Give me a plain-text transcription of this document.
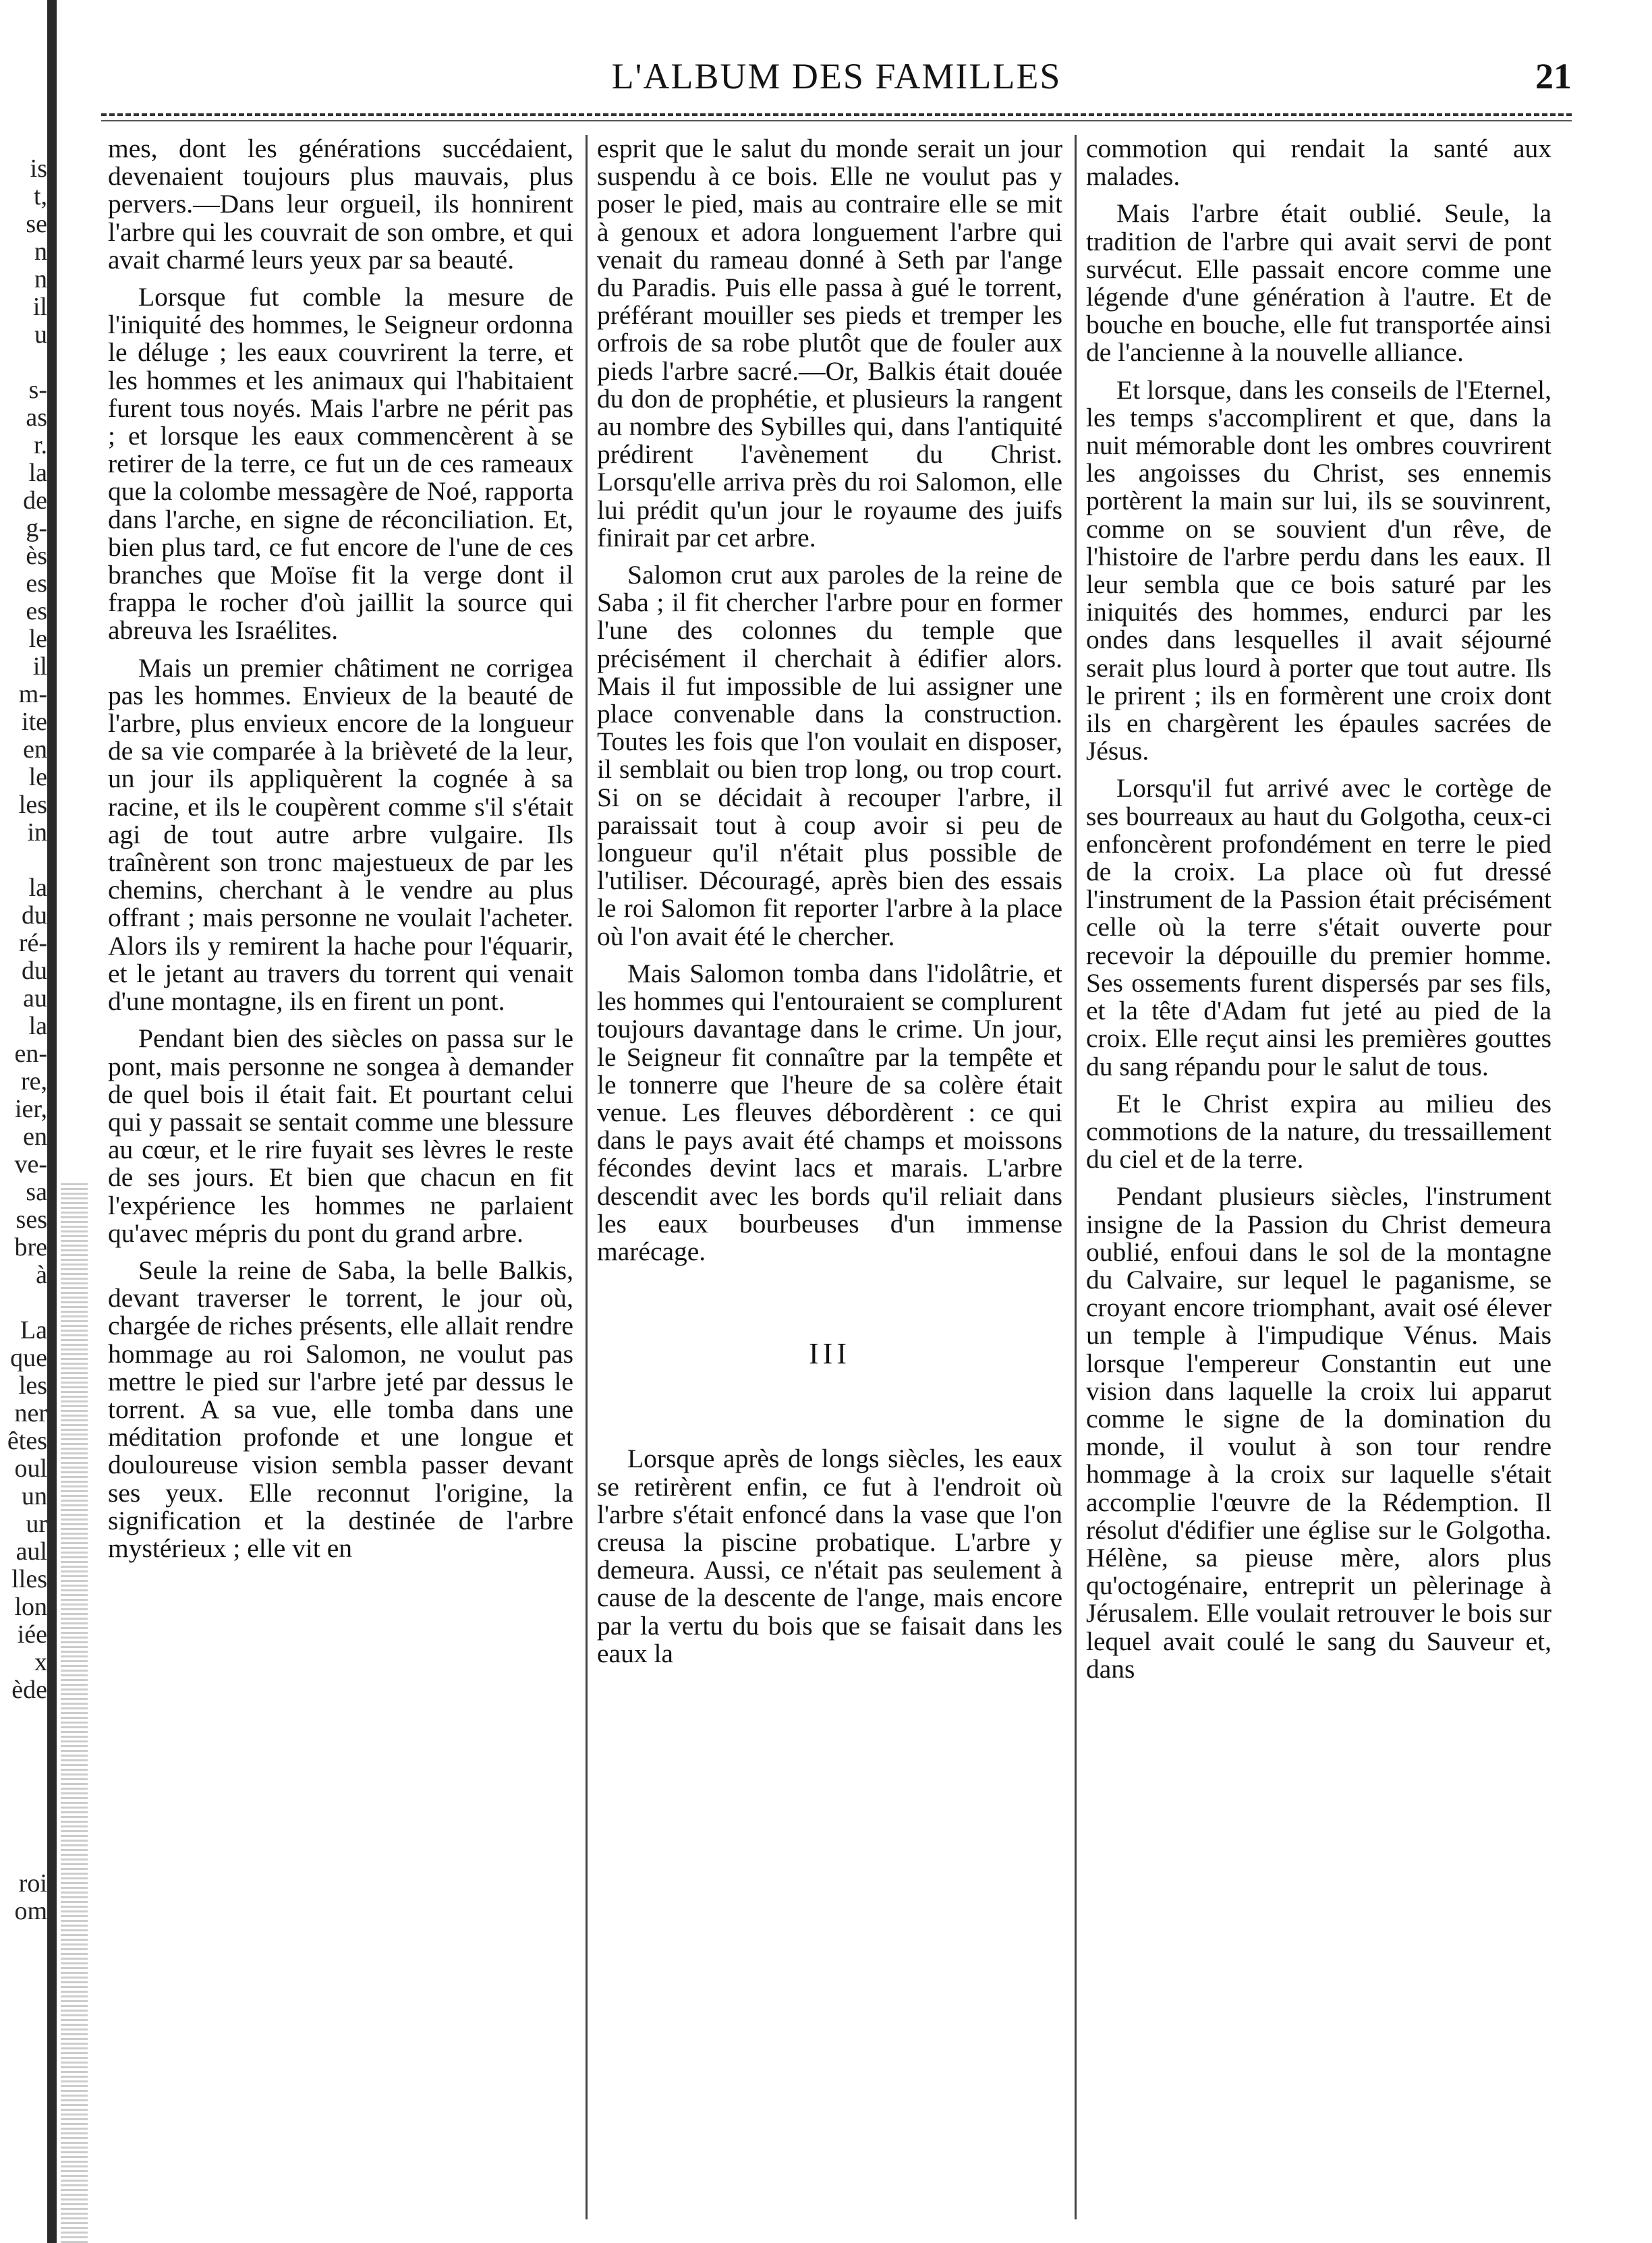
is
t,
se
n
n
il
u
s-
as
r.
la
de
g-
ès
es
es
le
il
m-
ite
en
le
les
in
la
du
ré-
du
au
la
en-
re,
ier,
en
ve-
sa
ses
bre
à
La
que
les
ner
êtes
oul
un
ur
aul
lles
lon
iée
x
ède
roi
om
L'ALBUM DES FAMILLES	21

mes, dont les générations succédaient, devenaient toujours plus mauvais, plus pervers.—Dans leur orgueil, ils honnirent l'arbre qui les couvrait de son ombre, et qui avait charmé leurs yeux par sa beauté.

Lorsque fut comble la mesure de l'iniquité des hommes, le Seigneur ordonna le déluge ; les eaux couvrirent la terre, et les hommes et les animaux qui l'habitaient furent tous noyés. Mais l'arbre ne périt pas ; et lorsque les eaux commencèrent à se retirer de la terre, ce fut un de ces rameaux que la colombe messagère de Noé, rapporta dans l'arche, en signe de réconciliation. Et, bien plus tard, ce fut encore de l'une de ces branches que Moïse fit la verge dont il frappa le rocher d'où jaillit la source qui abreuva les Israélites.

Mais un premier châtiment ne corrigea pas les hommes. Envieux de la beauté de l'arbre, plus envieux encore de la longueur de sa vie comparée à la brièveté de la leur, un jour ils appliquèrent la cognée à sa racine, et ils le coupèrent comme s'il s'était agi de tout autre arbre vulgaire. Ils traînèrent son tronc majestueux de par les chemins, cherchant à le vendre au plus offrant ; mais personne ne voulait l'acheter. Alors ils y remirent la hache pour l'équarir, et le jetant au travers du torrent qui venait d'une montagne, ils en firent un pont.

Pendant bien des siècles on passa sur le pont, mais personne ne songea à demander de quel bois il était fait. Et pourtant celui qui y passait se sentait comme une blessure au cœur, et le rire fuyait ses lèvres le reste de ses jours. Et bien que chacun en fit l'expérience les hommes ne parlaient qu'avec mépris du pont du grand arbre.

Seule la reine de Saba, la belle Balkis, devant traverser le torrent, le jour où, chargée de riches présents, elle allait rendre hommage au roi Salomon, ne voulut pas mettre le pied sur l'arbre jeté par dessus le torrent. A sa vue, elle tomba dans une méditation profonde et une longue et douloureuse vision sembla passer devant ses yeux. Elle reconnut l'origine, la signification et la destinée de l'arbre mystérieux ; elle vit en

esprit que le salut du monde serait un jour suspendu à ce bois. Elle ne voulut pas y poser le pied, mais au contraire elle se mit à genoux et adora longuement l'arbre qui venait du rameau donné à Seth par l'ange du Paradis. Puis elle passa à gué le torrent, préférant mouiller ses pieds et tremper les orfrois de sa robe plutôt que de fouler aux pieds l'arbre sacré.—Or, Balkis était douée du don de prophétie, et plusieurs la rangent au nombre des Sybilles qui, dans l'antiquité prédirent l'avènement du Christ. Lorsqu'elle arriva près du roi Salomon, elle lui prédit qu'un jour le royaume des juifs finirait par cet arbre.

Salomon crut aux paroles de la reine de Saba ; il fit chercher l'arbre pour en former l'une des colonnes du temple que précisément il cherchait à édifier alors. Mais il fut impossible de lui assigner une place convenable dans la construction. Toutes les fois que l'on voulait en disposer, il semblait ou bien trop long, ou trop court. Si on se décidait à recouper l'arbre, il paraissait tout à coup avoir si peu de longueur qu'il n'était plus possible de l'utiliser. Découragé, après bien des essais le roi Salomon fit reporter l'arbre à la place où l'on avait été le chercher.

Mais Salomon tomba dans l'idolâtrie, et les hommes qui l'entouraient se complurent toujours davantage dans le crime. Un jour, le Seigneur fit connaître par la tempête et le tonnerre que l'heure de sa colère était venue. Les fleuves débordèrent : ce qui dans le pays avait été champs et moissons fécondes devint lacs et marais. L'arbre descendit avec les bords qu'il reliait dans les eaux bourbeuses d'un immense marécage.

III

Lorsque après de longs siècles, les eaux se retirèrent enfin, ce fut à l'endroit où l'arbre s'était enfoncé dans la vase que l'on creusa la piscine probatique. L'arbre y demeura. Aussi, ce n'était pas seulement à cause de la descente de l'ange, mais encore par la vertu du bois que se faisait dans les eaux la

commotion qui rendait la santé aux malades.

Mais l'arbre était oublié. Seule, la tradition de l'arbre qui avait servi de pont survécut. Elle passait encore comme une légende d'une génération à l'autre. Et de bouche en bouche, elle fut transportée ainsi de l'ancienne à la nouvelle alliance.

Et lorsque, dans les conseils de l'Eternel, les temps s'accomplirent et que, dans la nuit mémorable dont les ombres couvrirent les angoisses du Christ, ses ennemis portèrent la main sur lui, ils se souvinrent, comme on se souvient d'un rêve, de l'histoire de l'arbre perdu dans les eaux. Il leur sembla que ce bois saturé par les iniquités des hommes, endurci par les ondes dans lesquelles il avait séjourné serait plus lourd à porter que tout autre. Ils le prirent ; ils en formèrent une croix dont ils en chargèrent les épaules sacrées de Jésus.

Lorsqu'il fut arrivé avec le cortège de ses bourreaux au haut du Golgotha, ceux-ci enfoncèrent profondément en terre le pied de la croix. La place où fut dressé l'instrument de la Passion était précisément celle où la terre s'était ouverte pour recevoir la dépouille du premier homme. Ses ossements furent dispersés par ses fils, et la tête d'Adam fut jeté au pied de la croix. Elle reçut ainsi les premières gouttes du sang répandu pour le salut de tous.

Et le Christ expira au milieu des commotions de la nature, du tressaillement du ciel et de la terre.

Pendant plusieurs siècles, l'instrument insigne de la Passion du Christ demeura oublié, enfoui dans le sol de la montagne du Calvaire, sur lequel le paganisme, se croyant encore triomphant, avait osé élever un temple à l'impudique Vénus. Mais lorsque l'empereur Constantin eut une vision dans laquelle la croix lui apparut comme le signe de la domination du monde, il voulut à son tour rendre hommage à la croix sur laquelle s'était accomplie l'œuvre de la Rédemption. Il résolut d'édifier une église sur le Golgotha. Hélène, sa pieuse mère, alors plus qu'octogénaire, entreprit un pèlerinage à Jérusalem. Elle voulait retrouver le bois sur lequel avait coulé le sang du Sauveur et, dans
